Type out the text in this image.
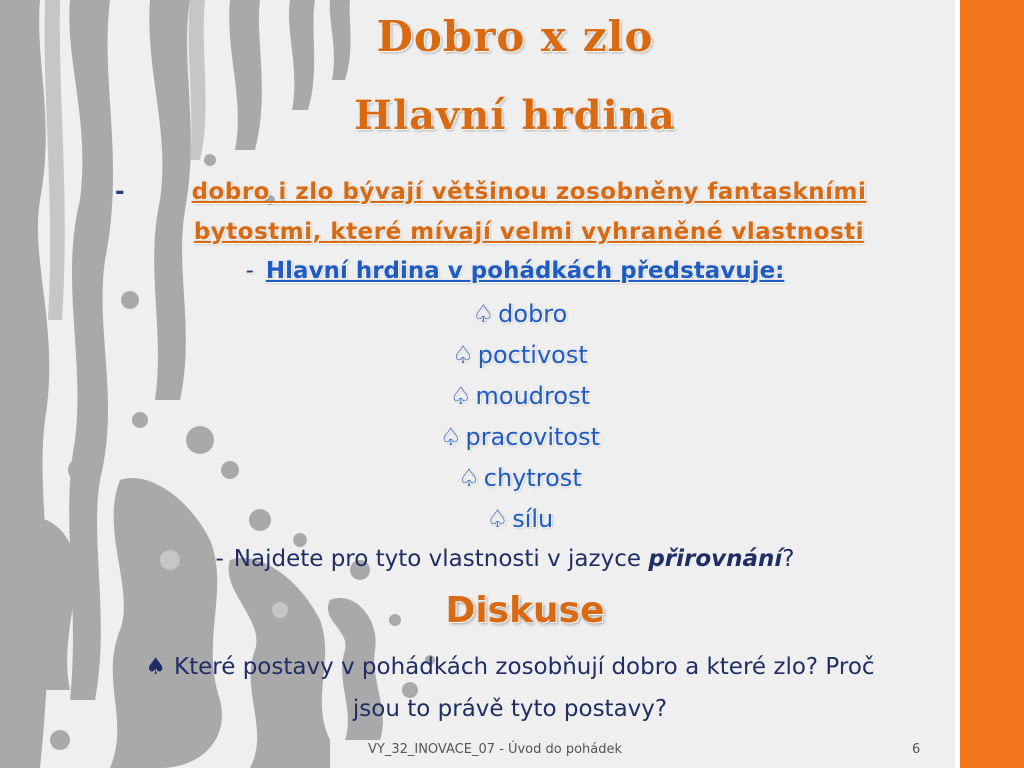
Dobro x zlo
Hlavní hrdina
-	dobro i zlo bývají většinou zosobněny fantaskními bytostmi, které mívají velmi vyhraněné vlastnosti
- Hlavní hrdina v pohádkách představuje:
♤ dobro
♤ poctivost
♤ moudrost
♤ pracovitost
♤ chytrost
♤ sílu
- Najdete pro tyto vlastnosti v jazyce přirovnání?
Diskuse
♠ Které postavy v pohádkách zosobňují dobro a které zlo? Proč jsou to právě tyto postavy?
VY_32_INOVACE_07 - Úvod do pohádek	6
